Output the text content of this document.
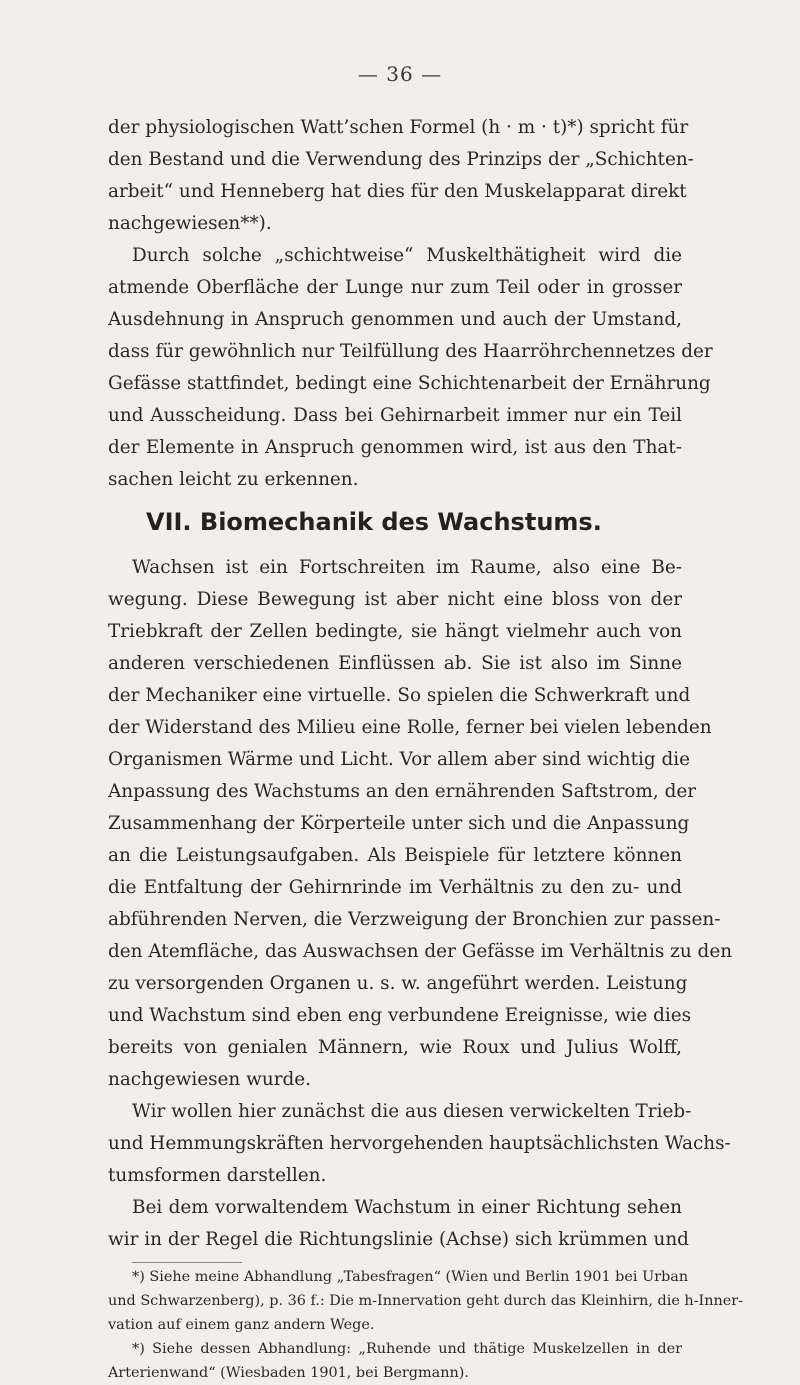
— 36 —
der physiologischen Watt’schen Formel (h · m · t)*) spricht für
den Bestand und die Verwendung des Prinzips der „Schichten-
arbeit“ und Henneberg hat dies für den Muskelapparat direkt
nachgewiesen**).
Durch solche „schichtweise“ Muskelthätigheit wird die
atmende Oberfläche der Lunge nur zum Teil oder in grosser
Ausdehnung in Anspruch genommen und auch der Umstand,
dass für gewöhnlich nur Teilfüllung des Haarröhrchennetzes der
Gefässe stattfindet, bedingt eine Schichtenarbeit der Ernährung
und Ausscheidung. Dass bei Gehirnarbeit immer nur ein Teil
der Elemente in Anspruch genommen wird, ist aus den That-
sachen leicht zu erkennen.
VII. Biomechanik des Wachstums.
Wachsen ist ein Fortschreiten im Raume, also eine Be-
wegung. Diese Bewegung ist aber nicht eine bloss von der
Triebkraft der Zellen bedingte, sie hängt vielmehr auch von
anderen verschiedenen Einflüssen ab. Sie ist also im Sinne
der Mechaniker eine virtuelle. So spielen die Schwerkraft und
der Widerstand des Milieu eine Rolle, ferner bei vielen lebenden
Organismen Wärme und Licht. Vor allem aber sind wichtig die
Anpassung des Wachstums an den ernährenden Saftstrom, der
Zusammenhang der Körperteile unter sich und die Anpassung
an die Leistungsaufgaben. Als Beispiele für letztere können
die Entfaltung der Gehirnrinde im Verhältnis zu den zu- und
abführenden Nerven, die Verzweigung der Bronchien zur passen-
den Atemfläche, das Auswachsen der Gefässe im Verhältnis zu den
zu versorgenden Organen u. s. w. angeführt werden. Leistung
und Wachstum sind eben eng verbundene Ereignisse, wie dies
bereits von genialen Männern, wie Roux und Julius Wolff,
nachgewiesen wurde.
Wir wollen hier zunächst die aus diesen verwickelten Trieb-
und Hemmungskräften hervorgehenden hauptsächlichsten Wachs-
tumsformen darstellen.
Bei dem vorwaltendem Wachstum in einer Richtung sehen
wir in der Regel die Richtungslinie (Achse) sich krümmen und
*) Siehe meine Abhandlung „Tabesfragen“ (Wien und Berlin 1901 bei Urban
und Schwarzenberg), p. 36 f.: Die m-Innervation geht durch das Kleinhirn, die h-Inner-
vation auf einem ganz andern Wege.
*) Siehe dessen Abhandlung: „Ruhende und thätige Muskelzellen in der
Arterienwand“ (Wiesbaden 1901, bei Bergmann).
